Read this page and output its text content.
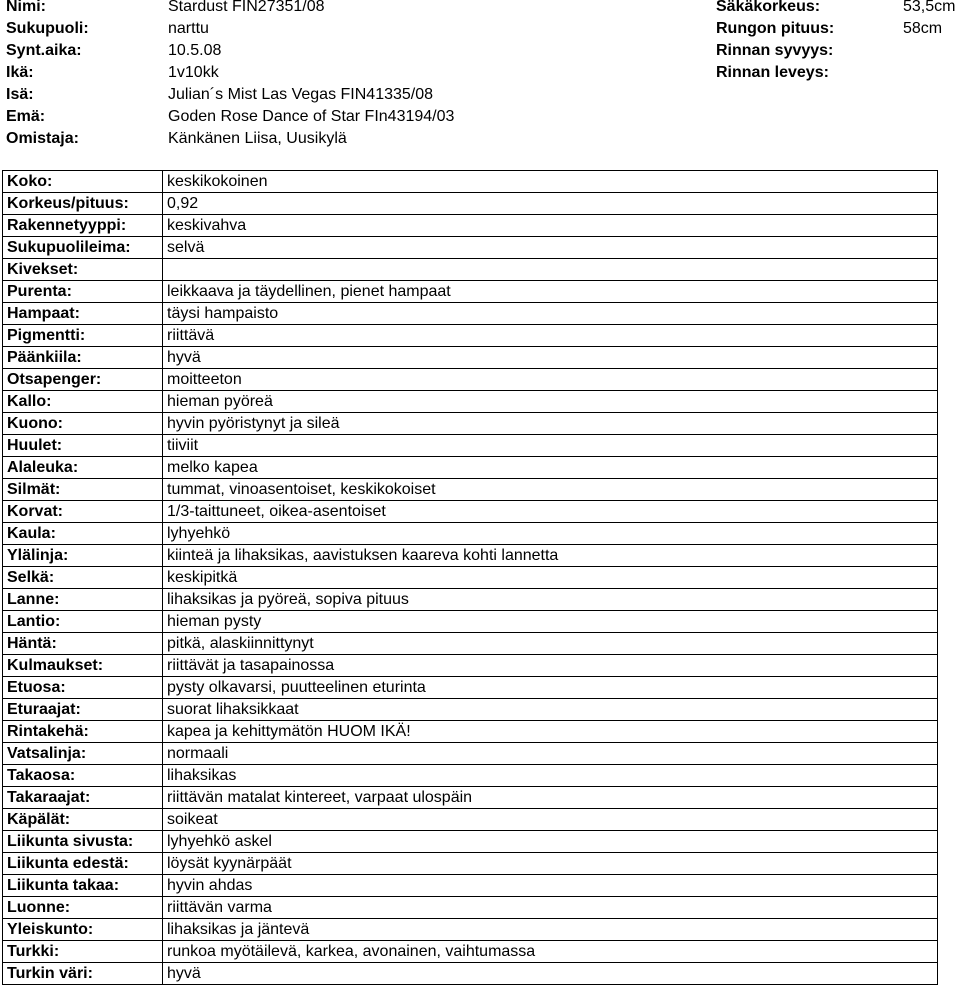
Nimi:	Stardust FIN27351/08	Säkäkorkeus:	53,5cm
Sukupuoli:	narttu	Rungon pituus:	58cm
Synt.aika:	10.5.08	Rinnan syvyys:
Ikä:	1v10kk	Rinnan leveys:
Isä:	Julian´s Mist Las Vegas FIN41335/08
Emä:	Goden Rose Dance of Star FIn43194/03
Omistaja:	Känkänen Liisa, Uusikylä
Koko:	keskikokoinen
Korkeus/pituus:	0,92
Rakennetyyppi:	keskivahva
Sukupuolileima:	selvä
Kivekset:	
Purenta:	leikkaava ja täydellinen, pienet hampaat
Hampaat:	täysi hampaisto
Pigmentti:	riittävä
Päänkiila:	hyvä
Otsapenger:	moitteeton
Kallo:	hieman pyöreä
Kuono:	hyvin pyöristynyt ja sileä
Huulet:	tiiviit
Alaleuka:	melko kapea
Silmät:	tummat, vinoasentoiset, keskikokoiset
Korvat:	1/3-taittuneet, oikea-asentoiset
Kaula:	lyhyehkö
Ylälinja:	kiinteä ja lihaksikas, aavistuksen kaareva kohti lannetta
Selkä:	keskipitkä
Lanne:	lihaksikas ja pyöreä, sopiva pituus
Lantio:	hieman pysty
Häntä:	pitkä, alaskiinnittynyt
Kulmaukset:	riittävät ja tasapainossa
Etuosa:	pysty olkavarsi, puutteelinen eturinta
Eturaajat:	suorat lihaksikkaat
Rintakehä:	kapea ja kehittymätön HUOM IKÄ!
Vatsalinja:	normaali
Takaosa:	lihaksikas
Takaraajat:	riittävän matalat kintereet, varpaat ulospäin
Käpälät:	soikeat
Liikunta sivusta:	lyhyehkö askel
Liikunta edestä:	löysät kyynärpäät
Liikunta takaa:	hyvin ahdas
Luonne:	riittävän varma
Yleiskunto:	lihaksikas ja jäntevä
Turkki:	runkoa myötäilevä, karkea, avonainen, vaihtumassa
Turkin väri:	hyvä
